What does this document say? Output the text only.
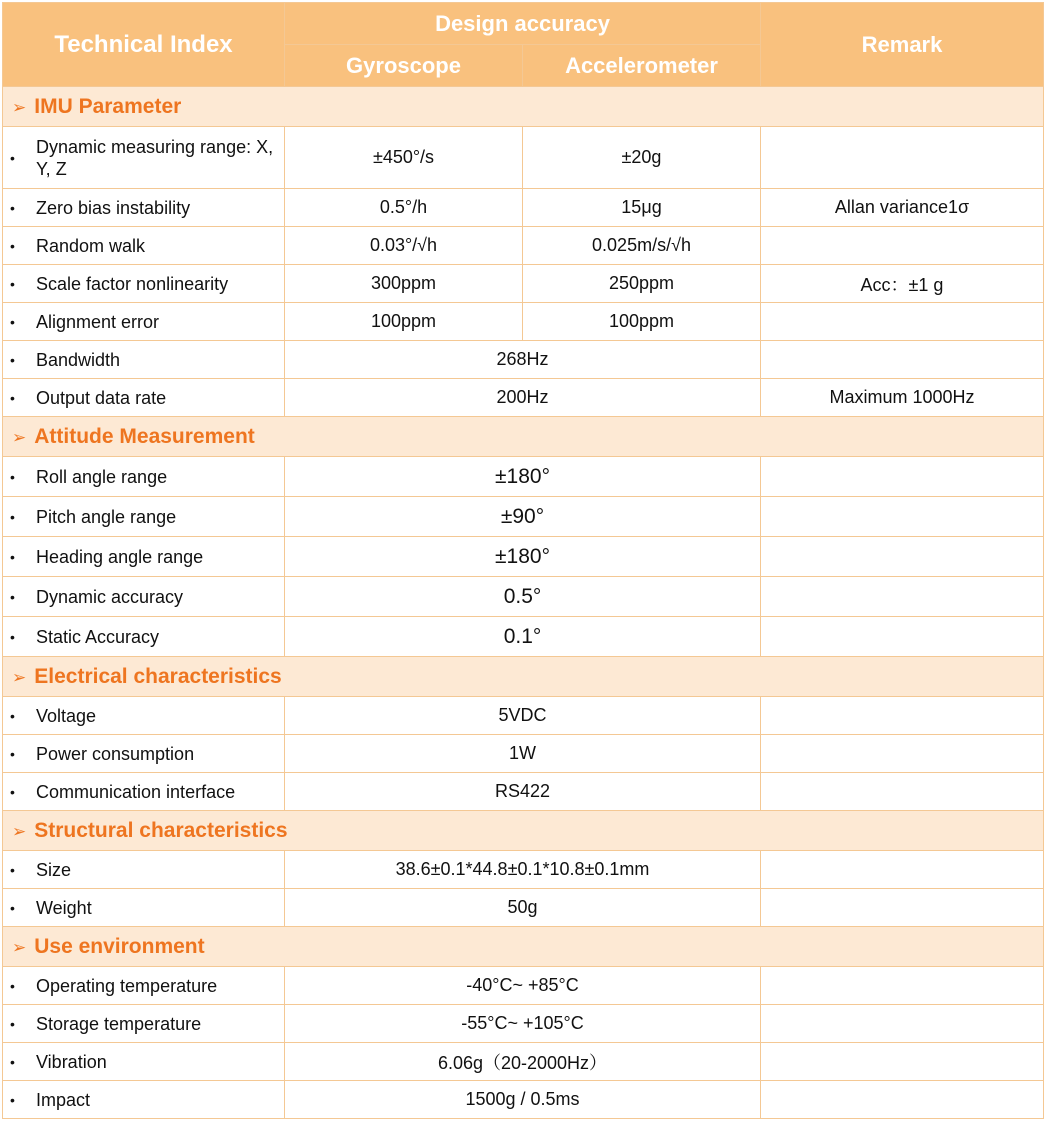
Technical Index	Design accuracy		Remark
	Gyroscope	Accelerometer	
➢ IMU Parameter			

•
Dynamic measuring range: X, Y, Z	±450°/s	±20g	

• Zero bias instability	0.5°/h	15μg	Allan variance1σ

• Random walk	0.03°/√h	0.025m/s/√h	

• Scale factor nonlinearity	300ppm	250ppm	Acc：±1 g

• Alignment error	100ppm	100ppm	

• Bandwidth	268Hz		

• Output data rate	200Hz		Maximum 1000Hz
➢ Attitude Measurement			

• Roll angle range	±180°		

• Pitch angle range	±90°		

• Heading angle range	±180°		

• Dynamic accuracy	0.5°		

• Static Accuracy	0.1°		
➢ Electrical characteristics			

• Voltage	5VDC		

• Power consumption	1W		

• Communication interface	RS422		
➢ Structural characteristics			

• Size	38.6±0.1*44.8±0.1*10.8±0.1mm		

• Weight	50g		
➢ Use environment			

• Operating temperature	-40°C~ +85°C		

• Storage temperature	-55°C~ +105°C		

• Vibration	6.06g（20-2000Hz）		

• Impact	1500g / 0.5ms		
